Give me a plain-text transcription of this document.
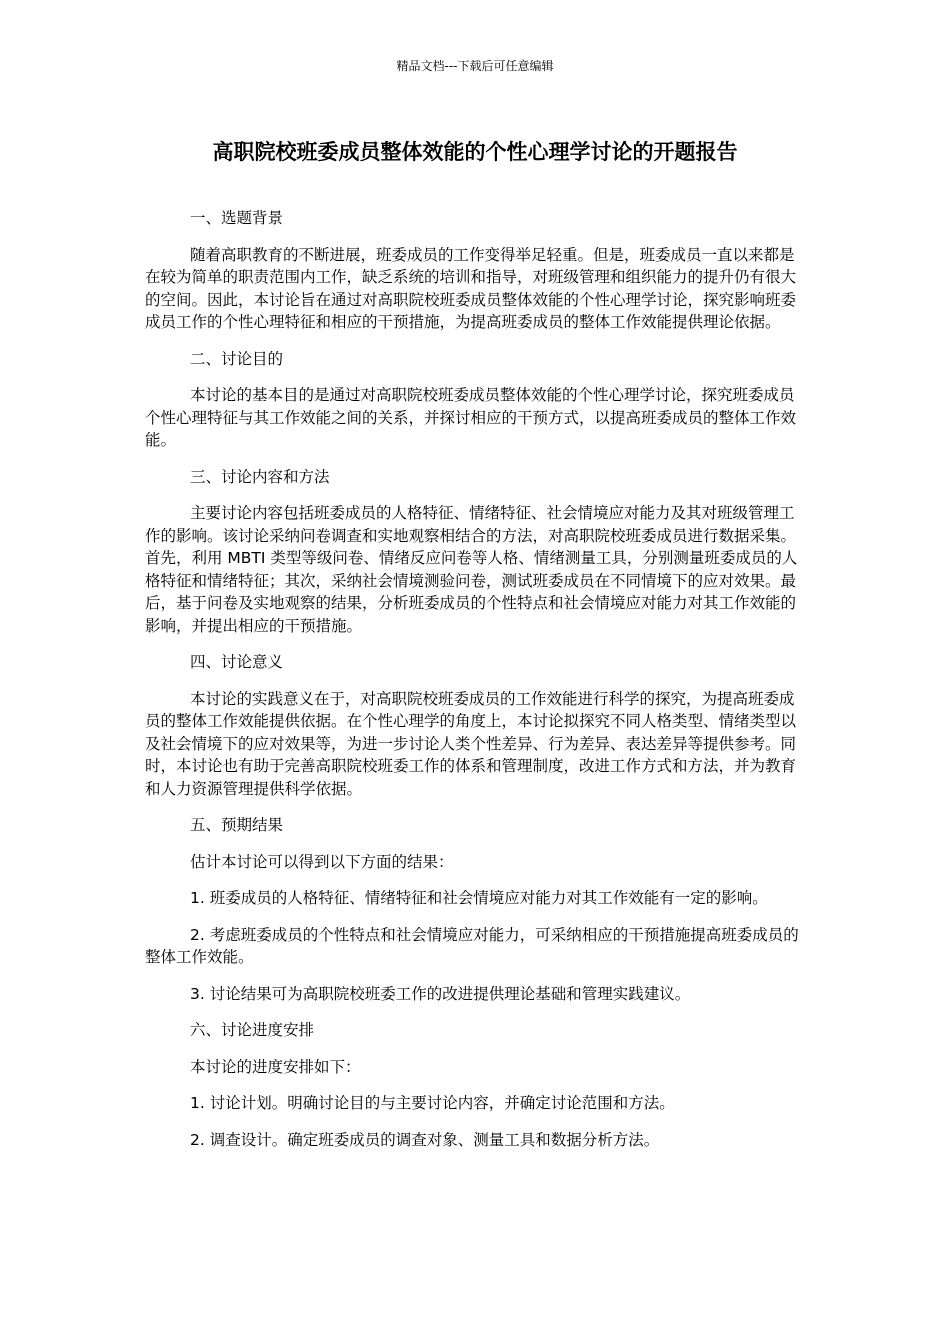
精品文档---下载后可任意编辑
高职院校班委成员整体效能的个性心理学讨论的开题报告

一、选题背景

随着高职教育的不断进展，班委成员的工作变得举足轻重。但是，班委成员一直以来都是在较为简单的职责范围内工作，缺乏系统的培训和指导，对班级管理和组织能力的提升仍有很大的空间。因此，本讨论旨在通过对高职院校班委成员整体效能的个性心理学讨论，探究影响班委成员工作的个性心理特征和相应的干预措施，为提高班委成员的整体工作效能提供理论依据。

二、讨论目的

本讨论的基本目的是通过对高职院校班委成员整体效能的个性心理学讨论，探究班委成员个性心理特征与其工作效能之间的关系，并探讨相应的干预方式，以提高班委成员的整体工作效能。

三、讨论内容和方法

主要讨论内容包括班委成员的人格特征、情绪特征、社会情境应对能力及其对班级管理工作的影响。该讨论采纳问卷调查和实地观察相结合的方法，对高职院校班委成员进行数据采集。首先，利用 MBTI 类型等级问卷、情绪反应问卷等人格、情绪测量工具，分别测量班委成员的人格特征和情绪特征；其次，采纳社会情境测验问卷，测试班委成员在不同情境下的应对效果。最后，基于问卷及实地观察的结果，分析班委成员的个性特点和社会情境应对能力对其工作效能的影响，并提出相应的干预措施。

四、讨论意义

本讨论的实践意义在于，对高职院校班委成员的工作效能进行科学的探究，为提高班委成员的整体工作效能提供依据。在个性心理学的角度上，本讨论拟探究不同人格类型、情绪类型以及社会情境下的应对效果等，为进一步讨论人类个性差异、行为差异、表达差异等提供参考。同时，本讨论也有助于完善高职院校班委工作的体系和管理制度，改进工作方式和方法，并为教育和人力资源管理提供科学依据。

五、预期结果

估计本讨论可以得到以下方面的结果：

1. 班委成员的人格特征、情绪特征和社会情境应对能力对其工作效能有一定的影响。

2. 考虑班委成员的个性特点和社会情境应对能力，可采纳相应的干预措施提高班委成员的整体工作效能。

3. 讨论结果可为高职院校班委工作的改进提供理论基础和管理实践建议。

六、讨论进度安排

本讨论的进度安排如下：

1. 讨论计划。明确讨论目的与主要讨论内容，并确定讨论范围和方法。

2. 调查设计。确定班委成员的调查对象、测量工具和数据分析方法。
